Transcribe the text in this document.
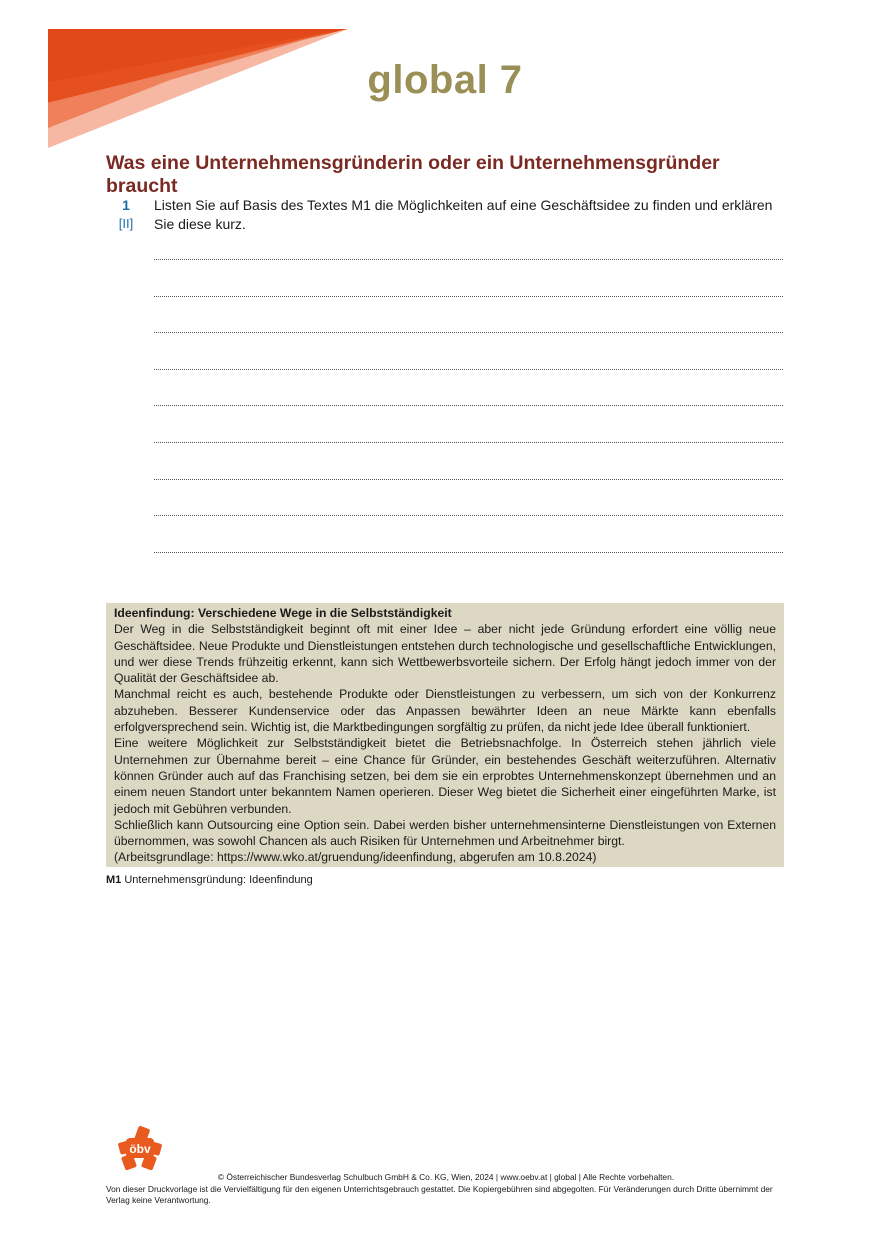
global 7
Was eine Unternehmensgründerin oder ein Unternehmensgründer braucht
1
[II]
Listen Sie auf Basis des Textes M1 die Möglichkeiten auf eine Geschäftsidee zu finden und erklären Sie diese kurz.

Ideenfindung: Verschiedene Wege in die Selbstständigkeit

Der Weg in die Selbstständigkeit beginnt oft mit einer Idee – aber nicht jede Gründung erfordert eine völlig neue Geschäftsidee. Neue Produkte und Dienstleistungen entstehen durch technologische und gesellschaftliche Entwicklungen, und wer diese Trends frühzeitig erkennt, kann sich Wettbewerbsvorteile sichern. Der Erfolg hängt jedoch immer von der Qualität der Geschäftsidee ab.

Manchmal reicht es auch, bestehende Produkte oder Dienstleistungen zu verbessern, um sich von der Konkurrenz abzuheben. Besserer Kundenservice oder das Anpassen bewährter Ideen an neue Märkte kann ebenfalls erfolgversprechend sein. Wichtig ist, die Marktbedingungen sorgfältig zu prüfen, da nicht jede Idee überall funktioniert.

Eine weitere Möglichkeit zur Selbstständigkeit bietet die Betriebsnachfolge. In Österreich stehen jährlich viele Unternehmen zur Übernahme bereit – eine Chance für Gründer, ein bestehendes Geschäft weiterzuführen. Alternativ können Gründer auch auf das Franchising setzen, bei dem sie ein erprobtes Unternehmenskonzept übernehmen und an einem neuen Standort unter bekanntem Namen operieren. Dieser Weg bietet die Sicherheit einer eingeführten Marke, ist jedoch mit Gebühren verbunden.

Schließlich kann Outsourcing eine Option sein. Dabei werden bisher unternehmensinterne Dienstleistungen von Externen übernommen, was sowohl Chancen als auch Risiken für Unternehmen und Arbeitnehmer birgt.

(Arbeitsgrundlage: https://www.wko.at/gruendung/ideenfindung, abgerufen am 10.8.2024)

M1 Unternehmensgründung: Ideenfindung
öbv
© Österreichischer Bundesverlag Schulbuch GmbH & Co. KG, Wien, 2024 | www.oebv.at | global | Alle Rechte vorbehalten.
Von dieser Druckvorlage ist die Vervielfältigung für den eigenen Unterrichtsgebrauch gestattet. Die Kopiergebühren sind abgegolten. Für Veränderungen durch Dritte übernimmt der Verlag keine Verantwortung.
